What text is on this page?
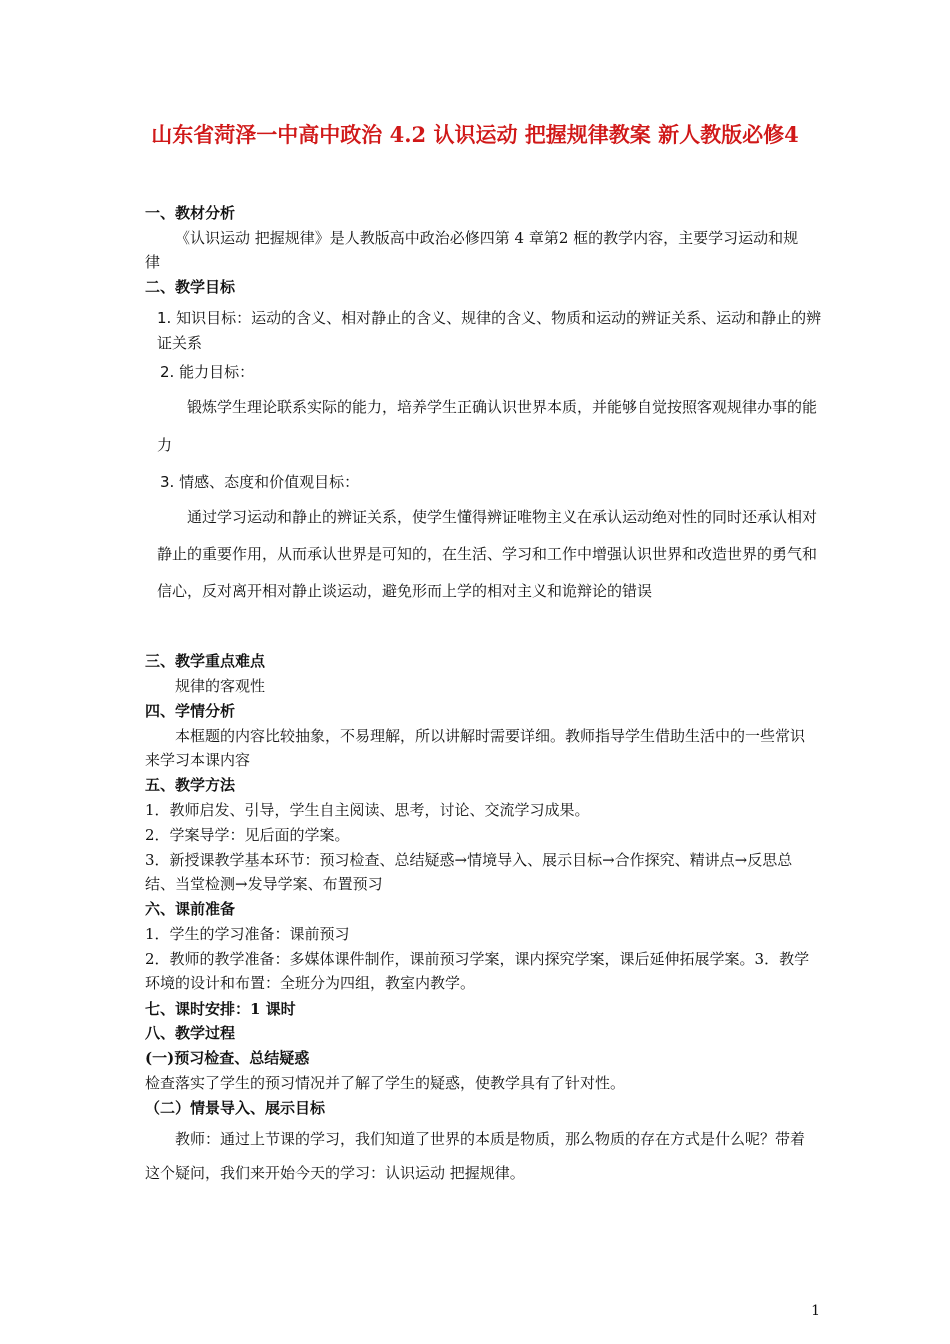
山东省菏泽一中高中政治 4.2 认识运动 把握规律教案 新人教版必修4
一、教材分析
《认识运动 把握规律》是人教版高中政治必修四第 4 章第2 框的教学内容，主要学习运动和规律
二、教学目标
1. 知识目标：运动的含义、相对静止的含义、规律的含义、物质和运动的辨证关系、运动和静止的辨证关系
2. 能力目标：
锻炼学生理论联系实际的能力，培养学生正确认识世界本质，并能够自觉按照客观规律办事的能力
3. 情感、态度和价值观目标：
通过学习运动和静止的辨证关系，使学生懂得辨证唯物主义在承认运动绝对性的同时还承认相对静止的重要作用，从而承认世界是可知的，在生活、学习和工作中增强认识世界和改造世界的勇气和信心，反对离开相对静止谈运动，避免形而上学的相对主义和诡辩论的错误
三、教学重点难点
规律的客观性
四、学情分析
本框题的内容比较抽象，不易理解，所以讲解时需要详细。教师指导学生借助生活中的一些常识来学习本课内容
五、教学方法
1．教师启发、引导，学生自主阅读、思考，讨论、交流学习成果。
2．学案导学：见后面的学案。
3．新授课教学基本环节：预习检查、总结疑惑→情境导入、展示目标→合作探究、精讲点→反思总结、当堂检测→发导学案、布置预习
六、课前准备
1．学生的学习准备：课前预习
2．教师的教学准备：多媒体课件制作，课前预习学案，课内探究学案，课后延伸拓展学案。3．教学环境的设计和布置：全班分为四组，教室内教学。
七、课时安排：1 课时
八、教学过程
(一)预习检查、总结疑惑
检查落实了学生的预习情况并了解了学生的疑惑，使教学具有了针对性。
（二）情景导入、展示目标
教师：通过上节课的学习，我们知道了世界的本质是物质，那么物质的存在方式是什么呢？带着这个疑问，我们来开始今天的学习：认识运动 把握规律。
1
